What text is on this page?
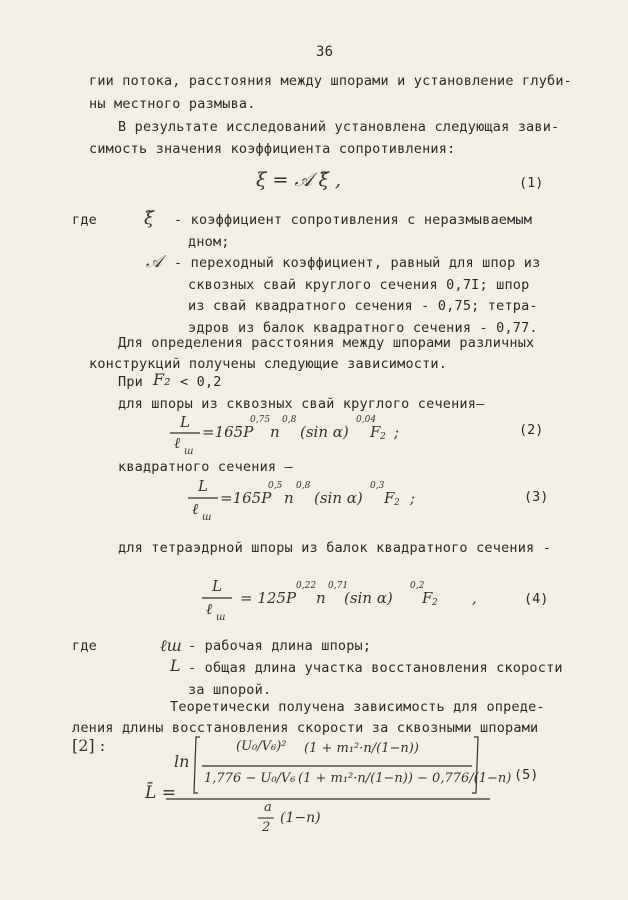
36
гии потока, расстояния между шпорами и установление глуби-
ны местного размыва.
В результате исследований установлена следующая зави-
симость значения коэффициента сопротивления:
ξ = 𝒜 ξ̃ ,	(1)
где	ξ̃ - коэффициент сопротивления с неразмываемым
дном;
𝒜 - переходный коэффициент, равный для шпор из
сквозных свай круглого сечения 0,7I; шпор
из свай квадратного сечения - 0,75; тетра-
эдров из балок квадратного сечения - 0,77.
Для определения расстояния между шпорами различных
конструкций получены следующие зависимости.
При F₂ < 0,2
для шпоры из сквозных свай круглого сечения–
L
ℓ ш
=165P
0,75
n
0,8
(sin α)
0,04
F 2 ;	(2)
квадратного сечения –
L
ℓ ш
=165P
0,5
n
0,8
(sin α)
0,3
F 2 ;	(3)
для тетраэдрной шпоры из балок квадратного сечения -
L
ℓ ш
= 125P
0,22
n
0,71
(sin α)
0,2
F 2 ,	(4)
где	ℓш - рабочая длина шпоры;
L - общая длина участка восстановления скорости
за шпорой.
Теоретически получена зависимость для опреде-
ления длины восстановления скорости за сквозными шпорами
[2] :
L̄ =
ln
(U₀/V₆)² (1 + m₁²·n/(1−n))
1,776 − U₀/V₆ (1 + m₁²·n/(1−n)) − 0,776/(1−n)
a
2
(1−n)
(5)
